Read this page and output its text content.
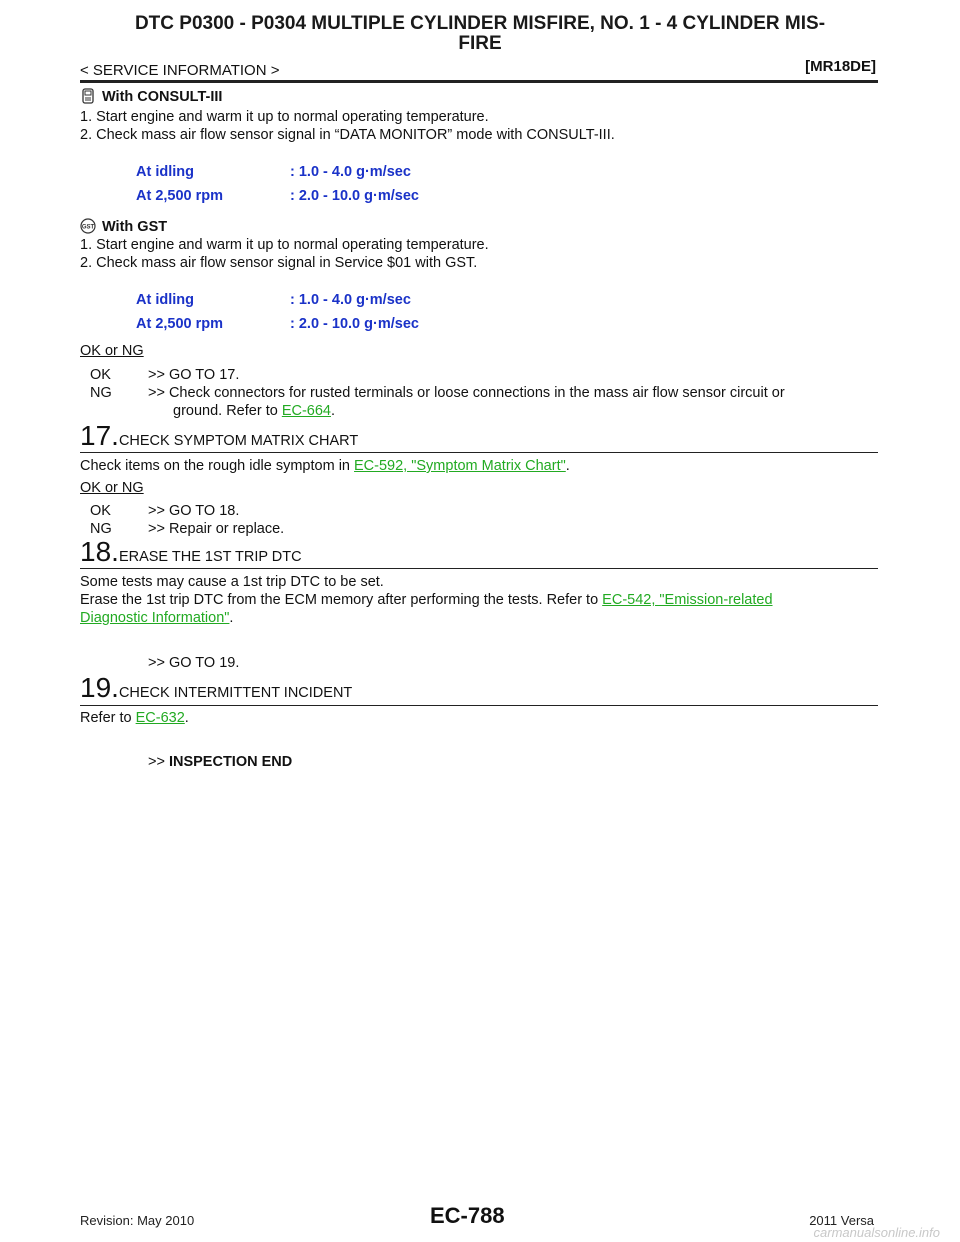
DTC P0300 - P0304 MULTIPLE CYLINDER MISFIRE, NO. 1 - 4 CYLINDER MIS-
FIRE
< SERVICE INFORMATION >	[MR18DE]
With CONSULT-III
1. Start engine and warm it up to normal operating temperature.
2. Check mass air flow sensor signal in “DATA MONITOR” mode with CONSULT-III.
At idling	: 1.0 - 4.0 g·m/sec
At 2,500 rpm	: 2.0 - 10.0 g·m/sec
GST With GST
1. Start engine and warm it up to normal operating temperature.
2. Check mass air flow sensor signal in Service $01 with GST.
At idling	: 1.0 - 4.0 g·m/sec
At 2,500 rpm	: 2.0 - 10.0 g·m/sec
OK or NG
OK	>> GO TO 17.
NG	>> Check connectors for rusted terminals or loose connections in the mass air flow sensor circuit or
ground. Refer to EC-664.
17.CHECK SYMPTOM MATRIX CHART
Check items on the rough idle symptom in EC-592, "Symptom Matrix Chart".
OK or NG
OK	>> GO TO 18.
NG	>> Repair or replace.
18.ERASE THE 1ST TRIP DTC
Some tests may cause a 1st trip DTC to be set.
Erase the 1st trip DTC from the ECM memory after performing the tests. Refer to EC-542, "Emission-related
Diagnostic Information".
>> GO TO 19.
19.CHECK INTERMITTENT INCIDENT
Refer to EC-632.
>> INSPECTION END
Revision: May 2010	EC-788	2011 Versa
carmanualsonline.info
